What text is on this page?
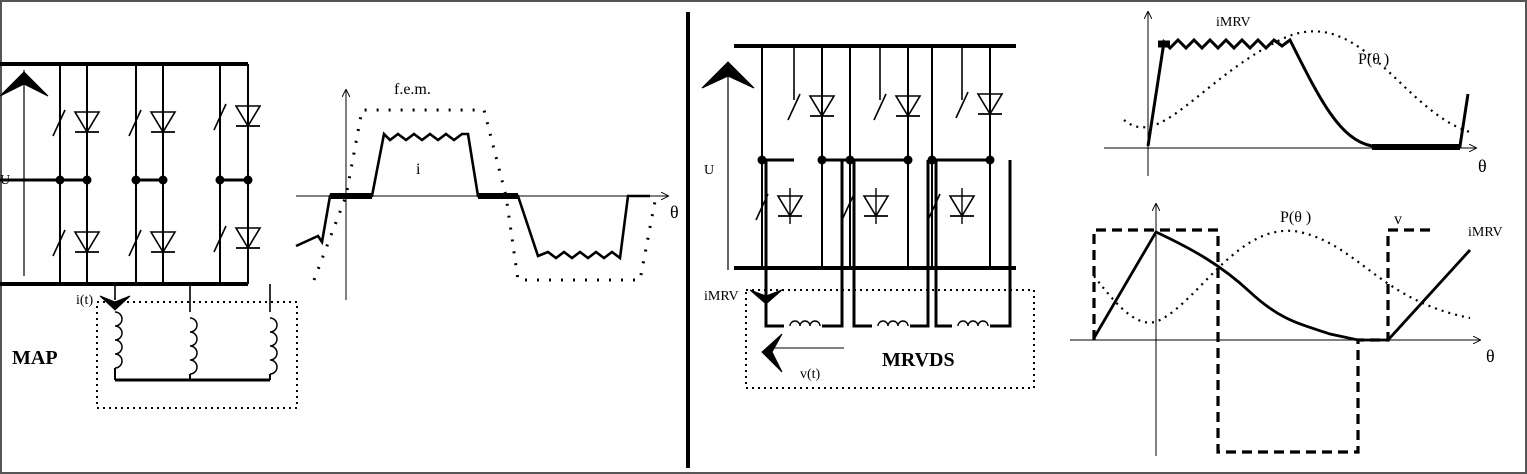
U
i(t)
MAP
f.e.m.
i
θ
U
iMRV
v(t)
MRVDS
iMRV
P(θ )
θ
P(θ )	v
iMRV
θ
